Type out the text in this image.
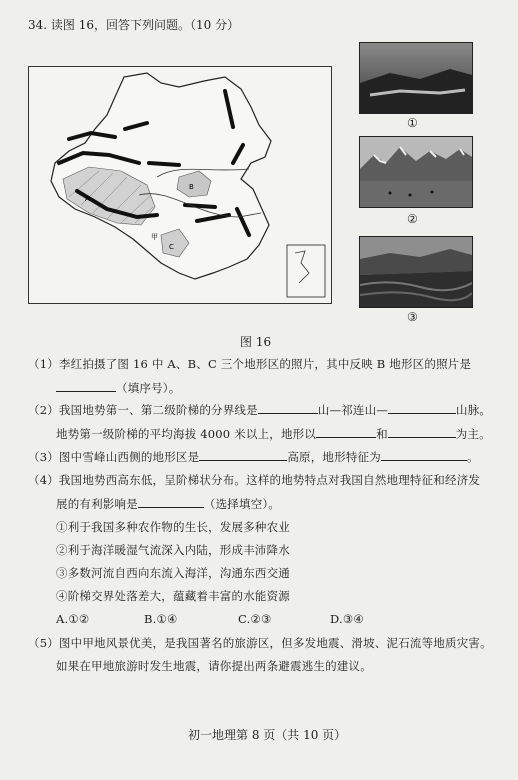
34. 读图 16，回答下列问题。（10 分）
A
B
C
甲
①
②
③
图 16
（1）李红拍摄了图 16 中 A、B、C 三个地形区的照片，其中反映 B 地形区的照片是
（填序号）。
（2）我国地势第一、第二级阶梯的分界线是	山—祁连山—	山脉。
地势第一级阶梯的平均海拔 4000 米以上，地形以	和	为主。
（3）图中雪峰山西侧的地形区是	高原，地形特征为	。
（4）我国地势西高东低，呈阶梯状分布。这样的地势特点对我国自然地理特征和经济发
展的有利影响是	（选择填空）。
①利于我国多种农作物的生长，发展多种农业
②利于海洋暖湿气流深入内陆，形成丰沛降水
③多数河流自西向东流入海洋，沟通东西交通
④阶梯交界处落差大，蕴藏着丰富的水能资源
A.①②	B.①④	C.②③	D.③④
（5）图中甲地风景优美，是我国著名的旅游区，但多发地震、滑坡、泥石流等地质灾害。
如果在甲地旅游时发生地震，请你提出两条避震逃生的建议。
初一地理第 8 页（共 10 页）
